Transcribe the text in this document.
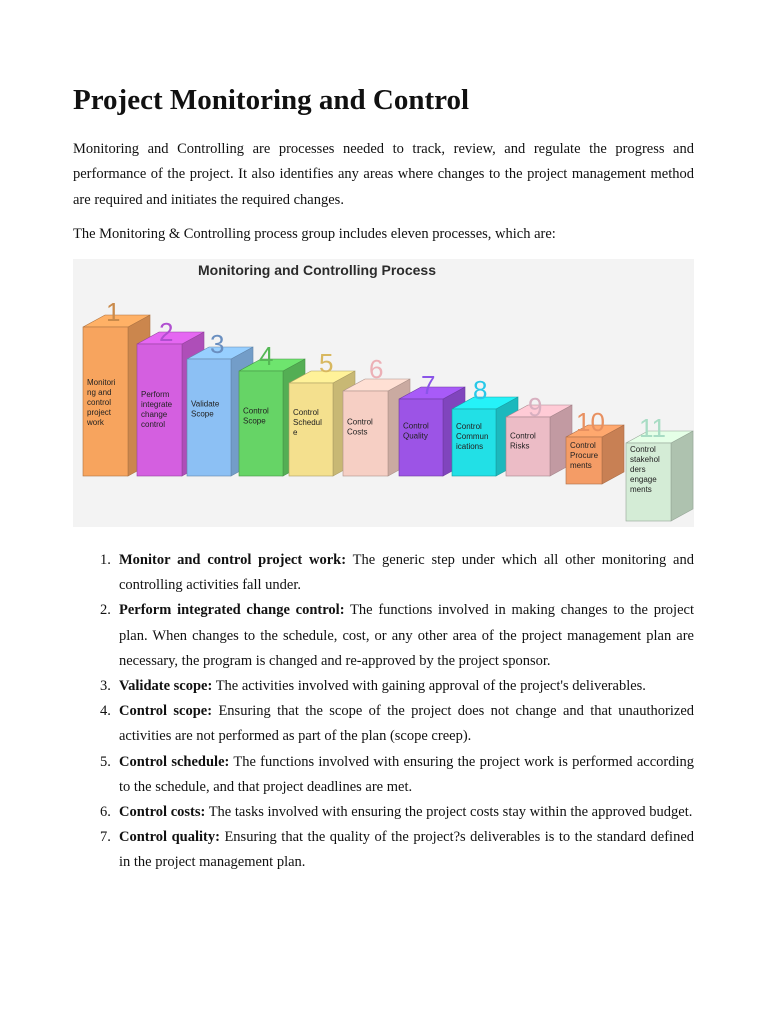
Project Monitoring and Control

Monitoring and Controlling are processes needed to track, review, and regulate the progress and performance of the project. It also identifies any areas where changes to the project management method are required and initiates the required changes.

The Monitoring & Controlling process group includes eleven processes, which are:

Monitoring and Controlling Process
Monitori
ng and
control
project
work
1
Perform
integrate
change
control
2
Validate
Scope
3
Control
Scope
4
Control
Schedul
e
5
Control
Costs
6
Control
Quality
7
Control
Commun
ications
8
Control
Risks
9
Control
Procure
ments
10
Control
stakehol
ders
engage
ments
11
1. Monitor and control project work: The generic step under which all other monitoring and controlling activities fall under.
2. Perform integrated change control: The functions involved in making changes to the project plan. When changes to the schedule, cost, or any other area of the project management plan are necessary, the program is changed and re-approved by the project sponsor.
3. Validate scope: The activities involved with gaining approval of the project's deliverables.
4. Control scope: Ensuring that the scope of the project does not change and that unauthorized activities are not performed as part of the plan (scope creep).
5. Control schedule: The functions involved with ensuring the project work is performed according to the schedule, and that project deadlines are met.
6. Control costs: The tasks involved with ensuring the project costs stay within the approved budget.
7. Control quality: Ensuring that the quality of the project?s deliverables is to the standard defined in the project management plan.
